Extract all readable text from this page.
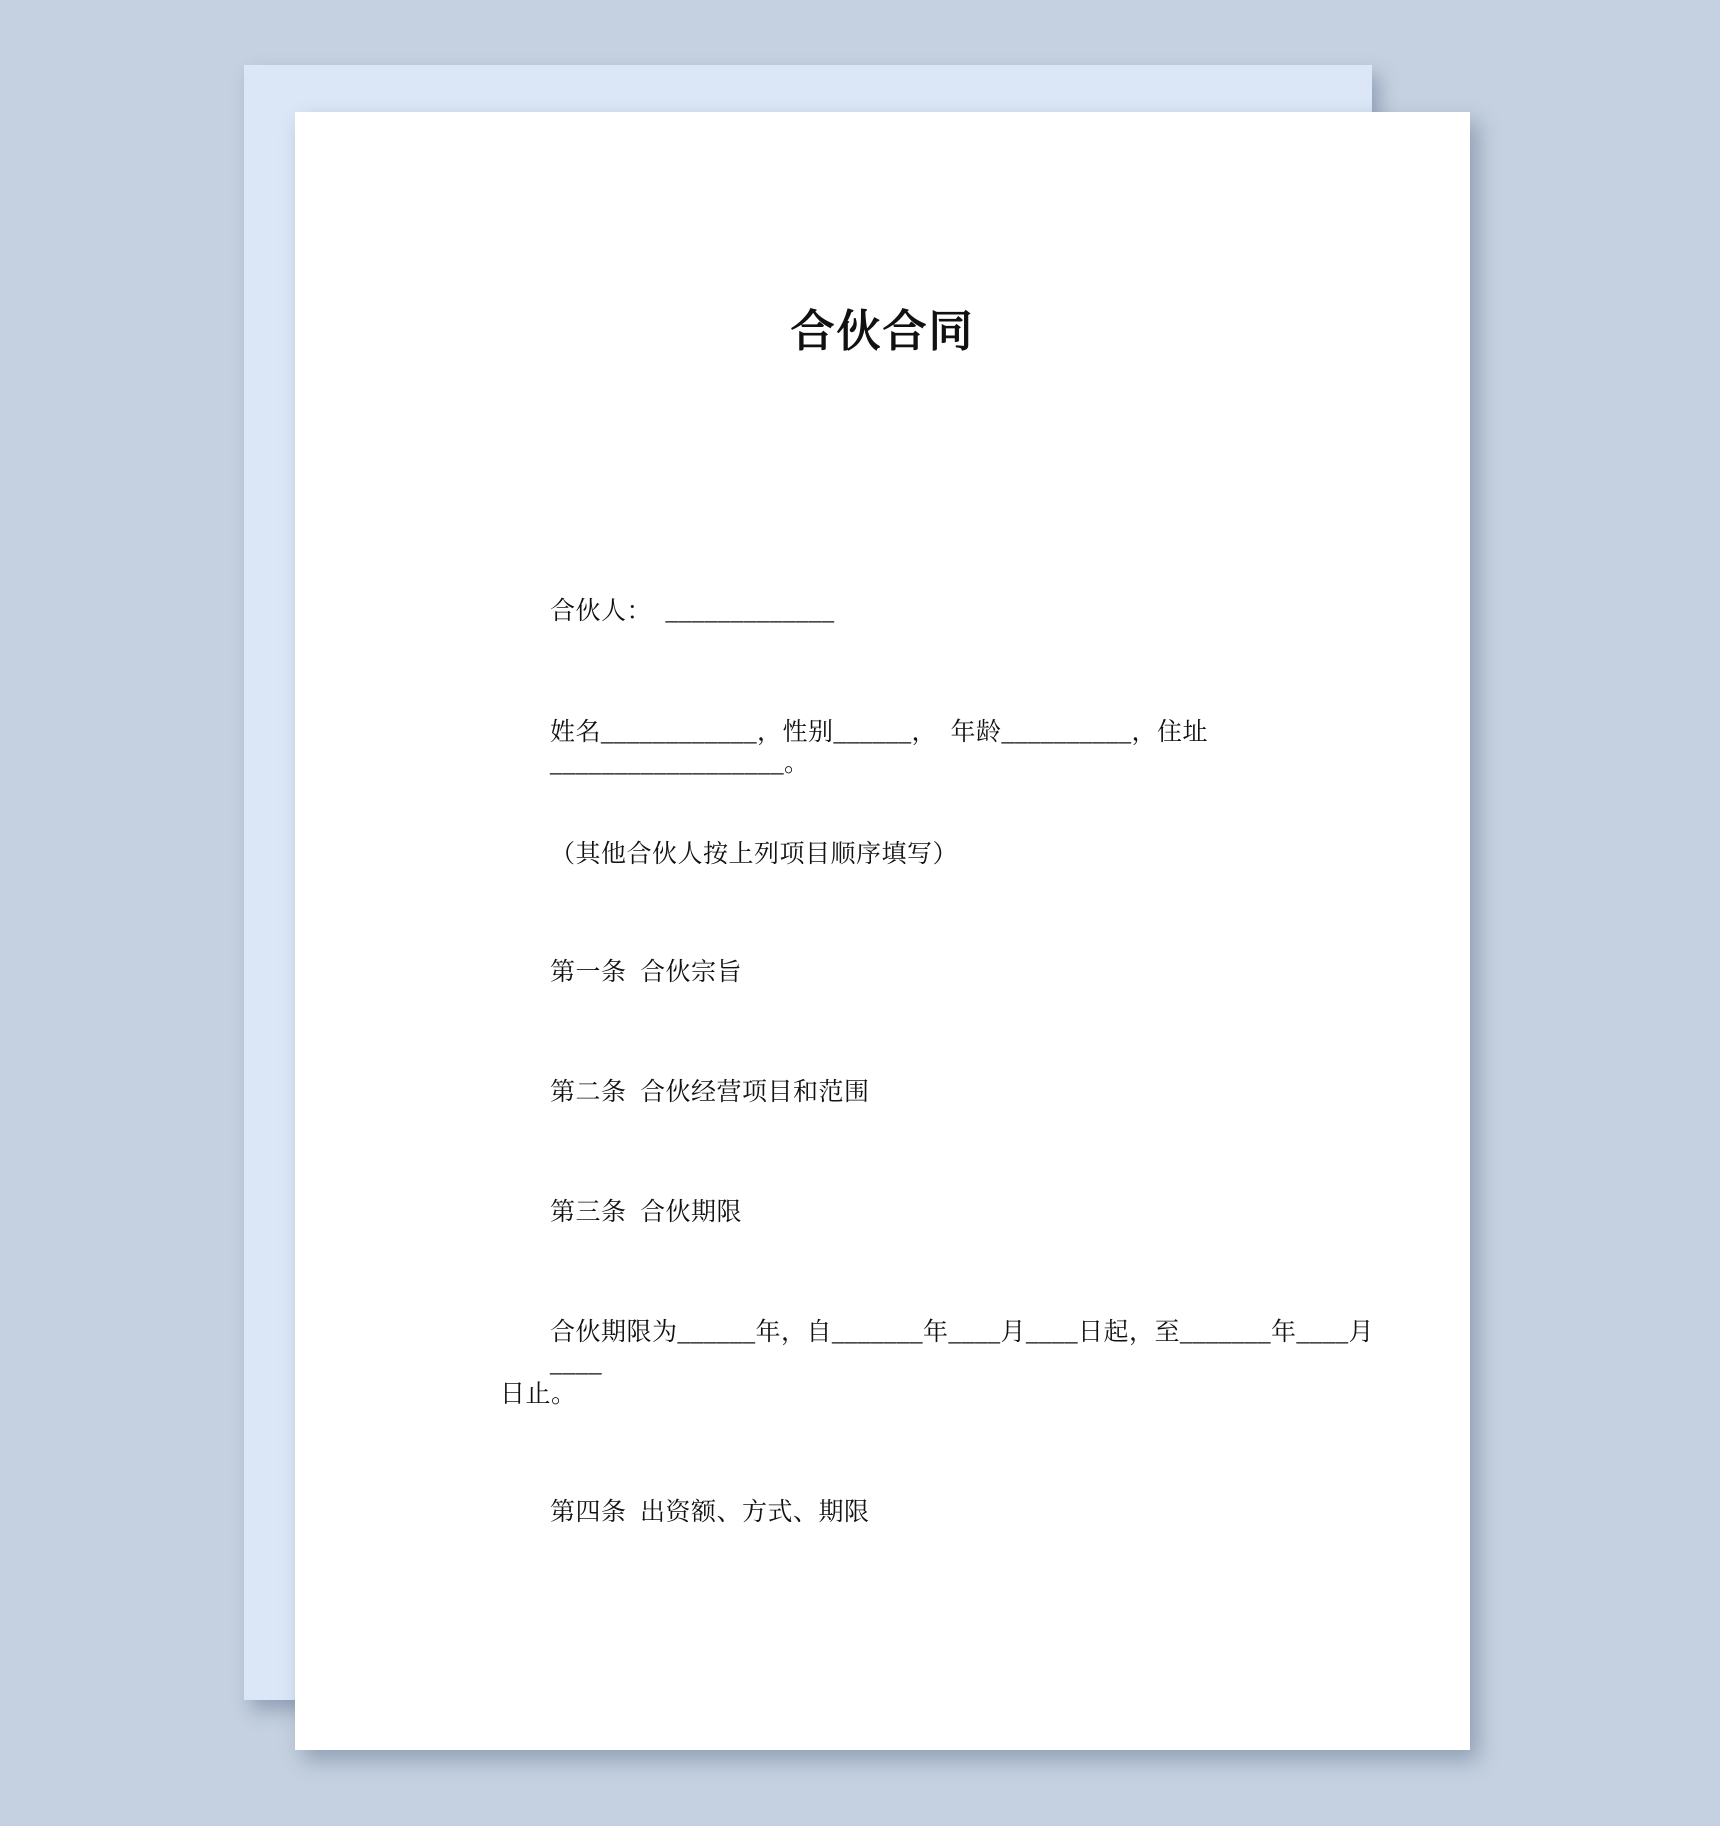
合伙合同
合伙人：  _____________
姓名____________，性别______，  年龄__________，住址__________________。
（其他合伙人按上列项目顺序填写）
第一条  合伙宗旨
第二条  合伙经营项目和范围
第三条  合伙期限
合伙期限为______年，自_______年____月____日起，至_______年____月____
日止。
第四条  出资额、方式、期限
